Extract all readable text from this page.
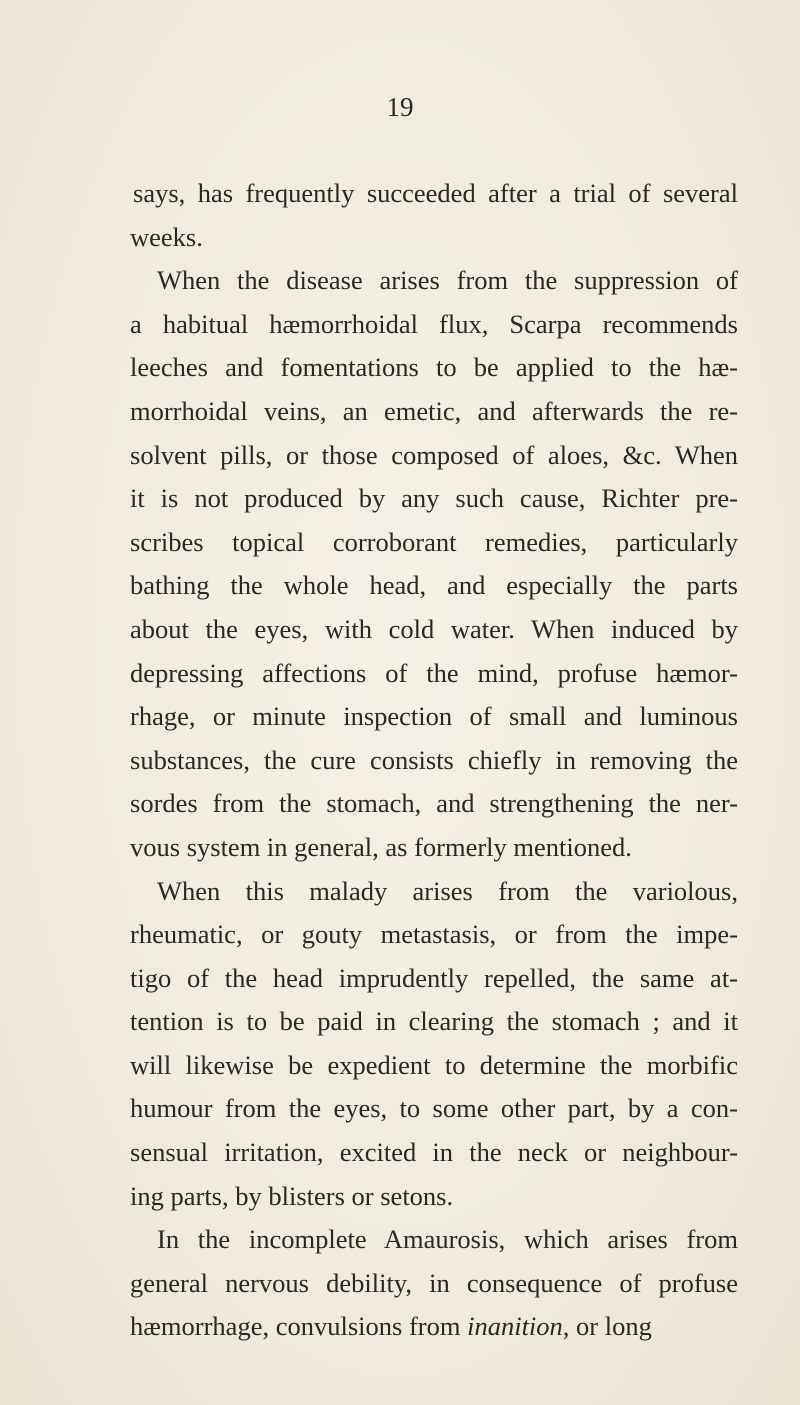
19
says, has frequently succeeded after a trial of several
weeks.
When the disease arises from the suppression of
a habitual hæmorrhoidal flux, Scarpa recommends
leeches and fomentations to be applied to the hæ-
morrhoidal veins, an emetic, and afterwards the re-
solvent pills, or those composed of aloes, &c. When
it is not produced by any such cause, Richter pre-
scribes topical corroborant remedies, particularly
bathing the whole head, and especially the parts
about the eyes, with cold water. When induced by
depressing affections of the mind, profuse hæmor-
rhage, or minute inspection of small and luminous
substances, the cure consists chiefly in removing the
sordes from the stomach, and strengthening the ner-
vous system in general, as formerly mentioned.
When this malady arises from the variolous,
rheumatic, or gouty metastasis, or from the impe-
tigo of the head imprudently repelled, the same at-
tention is to be paid in clearing the stomach ; and it
will likewise be expedient to determine the morbific
humour from the eyes, to some other part, by a con-
sensual irritation, excited in the neck or neighbour-
ing parts, by blisters or setons.
In the incomplete Amaurosis, which arises from
general nervous debility, in consequence of profuse
hæmorrhage, convulsions from inanition, or long
